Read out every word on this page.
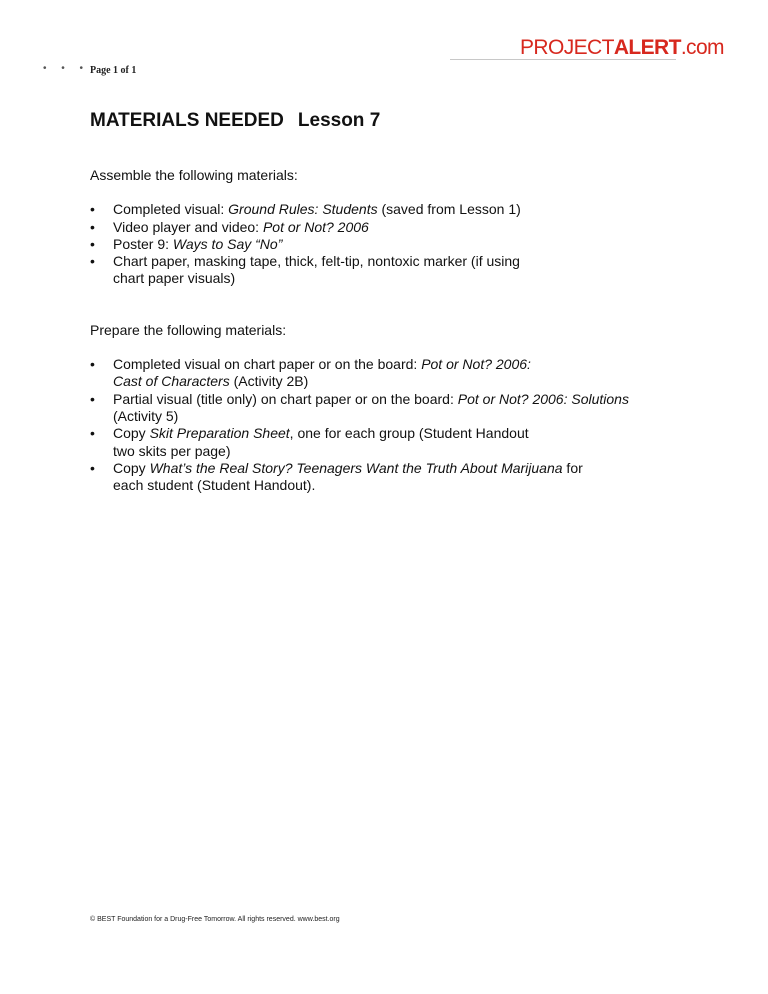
• • • Page 1 of 1
PROJECTALERT.com
MATERIALS NEEDED Lesson 7

Assemble the following materials:

• Completed visual: Ground Rules: Students (saved from Lesson 1)
• Video player and video: Pot or Not? 2006
• Poster 9: Ways to Say “No”
• Chart paper, masking tape, thick, felt-tip, nontoxic marker (if using
chart paper visuals)

Prepare the following materials:

• Completed visual on chart paper or on the board: Pot or Not? 2006:
Cast of Characters (Activity 2B)
• Partial visual (title only) on chart paper or on the board: Pot or Not? 2006: Solutions
(Activity 5)
• Copy Skit Preparation Sheet, one for each group (Student Handout
two skits per page)
• Copy What’s the Real Story? Teenagers Want the Truth About Marijuana for
each student (Student Handout).
© BEST Foundation for a Drug-Free Tomorrow. All rights reserved. www.best.org
